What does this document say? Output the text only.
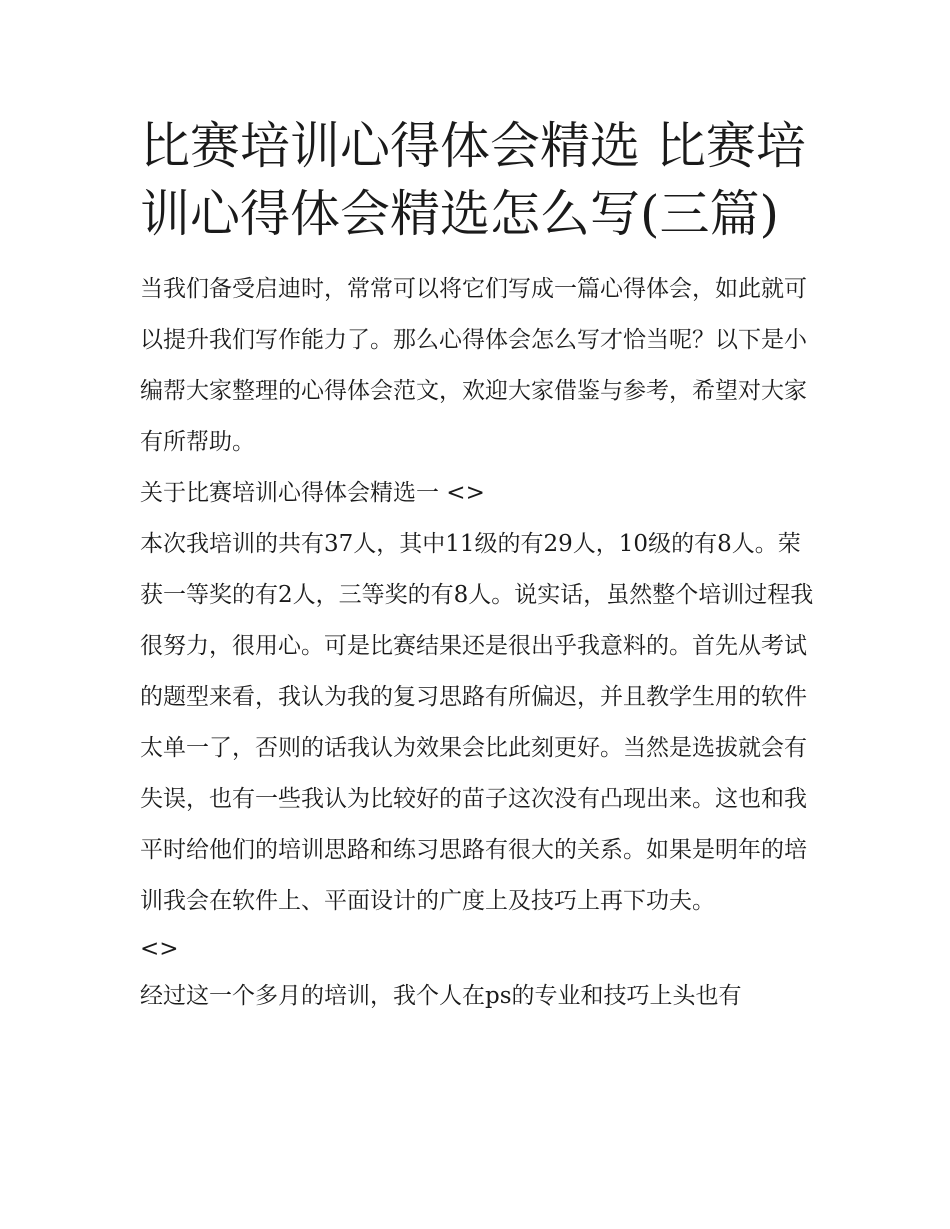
比赛培训心得体会精选 比赛培训心得体会精选怎么写(三篇)

当我们备受启迪时，常常可以将它们写成一篇心得体会，如此就可以提升我们写作能力了。那么心得体会怎么写才恰当呢？以下是小编帮大家整理的心得体会范文，欢迎大家借鉴与参考，希望对大家有所帮助。

关于比赛培训心得体会精选一 <>

本次我培训的共有37人，其中11级的有29人，10级的有8人。荣获一等奖的有2人，三等奖的有8人。说实话，虽然整个培训过程我很努力，很用心。可是比赛结果还是很出乎我意料的。首先从考试的题型来看，我认为我的复习思路有所偏迟，并且教学生用的软件太单一了，否则的话我认为效果会比此刻更好。当然是选拔就会有失误，也有一些我认为比较好的苗子这次没有凸现出来。这也和我平时给他们的培训思路和练习思路有很大的关系。如果是明年的培训我会在软件上、平面设计的广度上及技巧上再下功夫。

<>

经过这一个多月的培训，我个人在ps的专业和技巧上头也有
